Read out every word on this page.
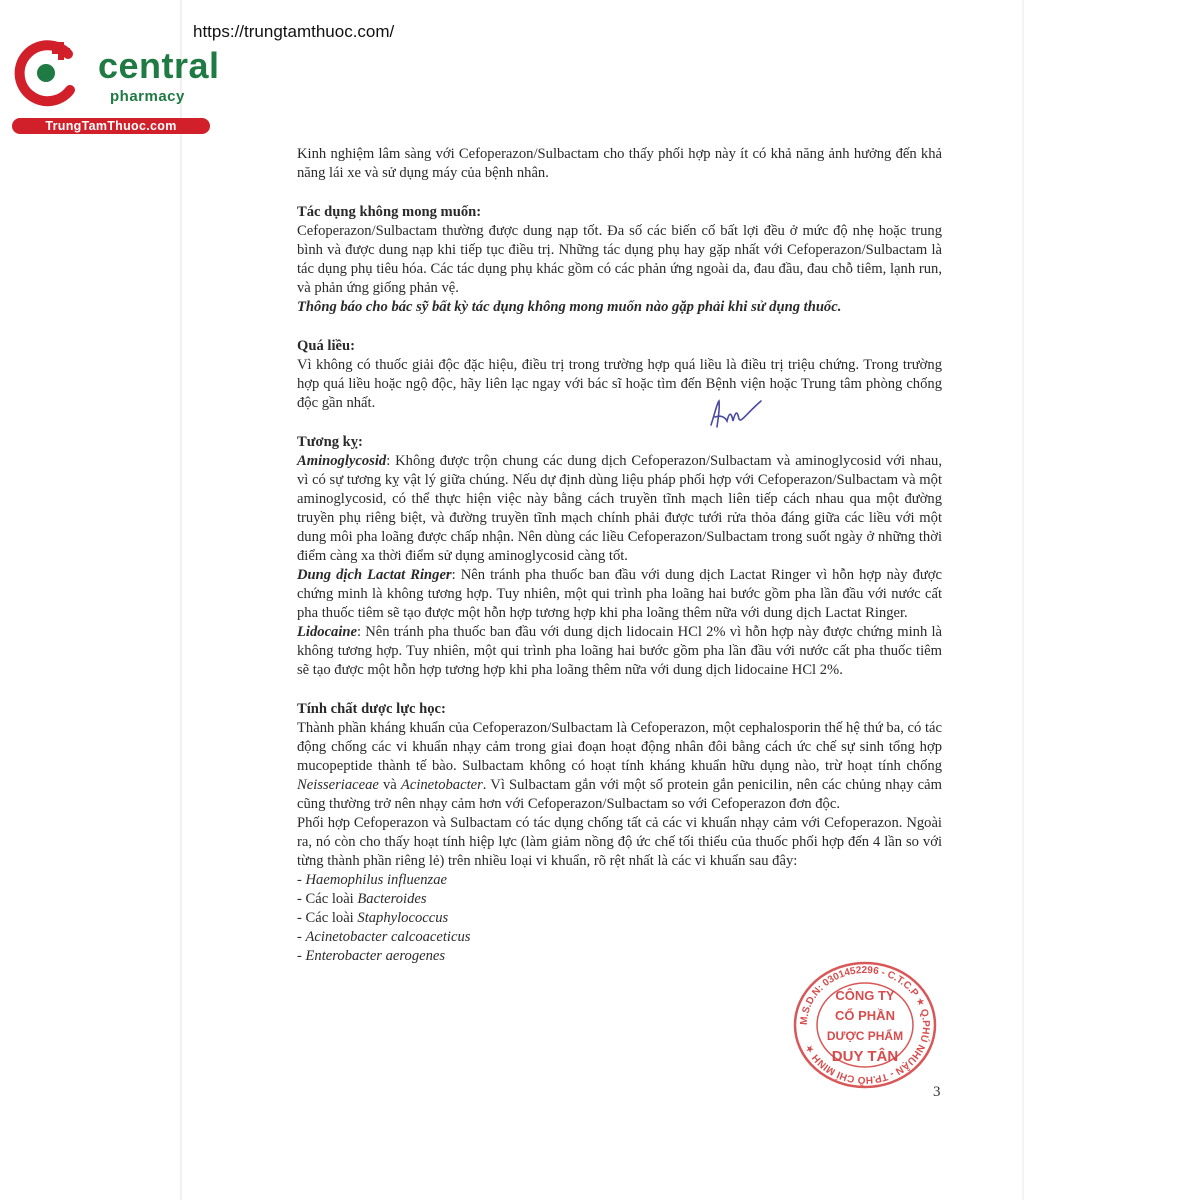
https://trungtamthuoc.com/
central
pharmacy
TrungTamThuoc.com

Kinh nghiệm lâm sàng với Cefoperazon/Sulbactam cho thấy phối hợp này ít có khả năng ảnh hưởng đến khả năng lái xe và sử dụng máy của bệnh nhân.

Tác dụng không mong muốn:

Cefoperazon/Sulbactam thường được dung nạp tốt. Đa số các biến cố bất lợi đều ở mức độ nhẹ hoặc trung bình và được dung nạp khi tiếp tục điều trị. Những tác dụng phụ hay gặp nhất với Cefoperazon/Sulbactam là tác dụng phụ tiêu hóa. Các tác dụng phụ khác gồm có các phản ứng ngoài da, đau đầu, đau chỗ tiêm, lạnh run, và phản ứng giống phản vệ.

Thông báo cho bác sỹ bất kỳ tác dụng không mong muốn nào gặp phải khi sử dụng thuốc.

Quá liều:

Vì không có thuốc giải độc đặc hiệu, điều trị trong trường hợp quá liều là điều trị triệu chứng. Trong trường hợp quá liều hoặc ngộ độc, hãy liên lạc ngay với bác sĩ hoặc tìm đến Bệnh viện hoặc Trung tâm phòng chống độc gần nhất.

Tương kỵ:

Aminoglycosid: Không được trộn chung các dung dịch Cefoperazon/Sulbactam và aminoglycosid với nhau, vì có sự tương kỵ vật lý giữa chúng. Nếu dự định dùng liệu pháp phối hợp với Cefoperazon/Sulbactam và một aminoglycosid, có thể thực hiện việc này bằng cách truyền tĩnh mạch liên tiếp cách nhau qua một đường truyền phụ riêng biệt, và đường truyền tĩnh mạch chính phải được tưới rửa thỏa đáng giữa các liều với một dung môi pha loãng được chấp nhận. Nên dùng các liều Cefoperazon/Sulbactam trong suốt ngày ở những thời điểm càng xa thời điểm sử dụng aminoglycosid càng tốt.

Dung dịch Lactat Ringer: Nên tránh pha thuốc ban đầu với dung dịch Lactat Ringer vì hỗn hợp này được chứng minh là không tương hợp. Tuy nhiên, một qui trình pha loãng hai bước gồm pha lần đầu với nước cất pha thuốc tiêm sẽ tạo được một hỗn hợp tương hợp khi pha loãng thêm nữa với dung dịch Lactat Ringer.

Lidocaine: Nên tránh pha thuốc ban đầu với dung dịch lidocain HCl 2% vì hỗn hợp này được chứng minh là không tương hợp. Tuy nhiên, một qui trình pha loãng hai bước gồm pha lần đầu với nước cất pha thuốc tiêm sẽ tạo được một hỗn hợp tương hợp khi pha loãng thêm nữa với dung dịch lidocaine HCl 2%.

Tính chất dược lực học:

Thành phần kháng khuẩn của Cefoperazon/Sulbactam là Cefoperazon, một cephalosporin thế hệ thứ ba, có tác động chống các vi khuẩn nhạy cảm trong giai đoạn hoạt động nhân đôi bằng cách ức chế sự sinh tổng hợp mucopeptide thành tế bào. Sulbactam không có hoạt tính kháng khuẩn hữu dụng nào, trừ hoạt tính chống Neisseriaceae và Acinetobacter. Vì Sulbactam gắn với một số protein gắn penicilin, nên các chủng nhạy cảm cũng thường trở nên nhạy cảm hơn với Cefoperazon/Sulbactam so với Cefoperazon đơn độc.

Phối hợp Cefoperazon và Sulbactam có tác dụng chống tất cả các vi khuẩn nhạy cảm với Cefoperazon. Ngoài ra, nó còn cho thấy hoạt tính hiệp lực (làm giảm nồng độ ức chế tối thiểu của thuốc phối hợp đến 4 lần so với từng thành phần riêng lẻ) trên nhiều loại vi khuẩn, rõ rệt nhất là các vi khuẩn sau đây:

- Haemophilus influenzae

- Các loài Bacteroides

- Các loài Staphylococcus

- Acinetobacter calcoaceticus

- Enterobacter aerogenes

M.S.D.N: 0301452296 - C.T.C.P ★ Q.PHÚ NHUẬN - TP.HỒ CHÍ MINH ★
CÔNG TY
CỔ PHẦN
DƯỢC PHẨM
DUY TÂN
3
